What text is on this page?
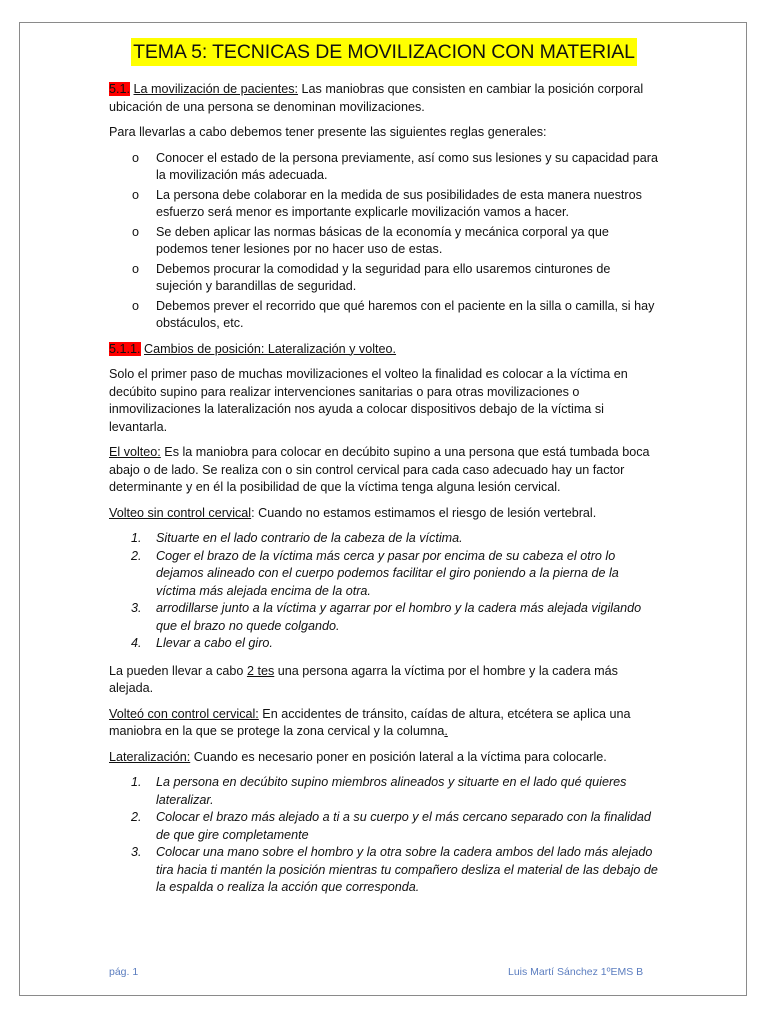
TEMA 5: TECNICAS DE MOVILIZACION CON MATERIAL

5.1. La movilización de pacientes: Las maniobras que consisten en cambiar la posición corporal ubicación de una persona se denominan movilizaciones.

Para llevarlas a cabo debemos tener presente las siguientes reglas generales:

o Conocer el estado de la persona previamente, así como sus lesiones y su capacidad para la movilización más adecuada.
o La persona debe colaborar en la medida de sus posibilidades de esta manera nuestros esfuerzo será menor es importante explicarle movilización vamos a hacer.
o Se deben aplicar las normas básicas de la economía y mecánica corporal ya que podemos tener lesiones por no hacer uso de estas.
o Debemos procurar la comodidad y la seguridad para ello usaremos cinturones de sujeción y barandillas de seguridad.
o Debemos prever el recorrido que qué haremos con el paciente en la silla o camilla, si hay obstáculos, etc.

5.1.1. Cambios de posición: Lateralización y volteo.

Solo el primer paso de muchas movilizaciones el volteo la finalidad es colocar a la víctima en decúbito supino para realizar intervenciones sanitarias o para otras movilizaciones o inmovilizaciones la lateralización nos ayuda a colocar dispositivos debajo de la víctima si levantarla.

El volteo: Es la maniobra para colocar en decúbito supino a una persona que está tumbada boca abajo o de lado. Se realiza con o sin control cervical para cada caso adecuado hay un factor determinante y en él la posibilidad de que la víctima tenga alguna lesión cervical.

Volteo sin control cervical: Cuando no estamos estimamos el riesgo de lesión vertebral.

1. Situarte en el lado contrario de la cabeza de la víctima.
2. Coger el brazo de la víctima más cerca y pasar por encima de su cabeza el otro lo dejamos alineado con el cuerpo podemos facilitar el giro poniendo a la pierna de la víctima más alejada encima de la otra.
3. arrodillarse junto a la víctima y agarrar por el hombro y la cadera más alejada vigilando que el brazo no quede colgando.
4. Llevar a cabo el giro.

La pueden llevar a cabo 2 tes una persona agarra la víctima por el hombre y la cadera más alejada.

Volteó con control cervical: En accidentes de tránsito, caídas de altura, etcétera se aplica una maniobra en la que se protege la zona cervical y la columna.

Lateralización: Cuando es necesario poner en posición lateral a la víctima para colocarle.

1. La persona en decúbito supino miembros alineados y situarte en el lado qué quieres lateralizar.
2. Colocar el brazo más alejado a ti a su cuerpo y el más cercano separado con la finalidad de que gire completamente
3. Colocar una mano sobre el hombro y la otra sobre la cadera ambos del lado más alejado tira hacia ti mantén la posición mientras tu compañero desliza el material de las debajo de la espalda o realiza la acción que corresponda.
pág. 1	Luis Martí Sánchez 1ºEMS B
